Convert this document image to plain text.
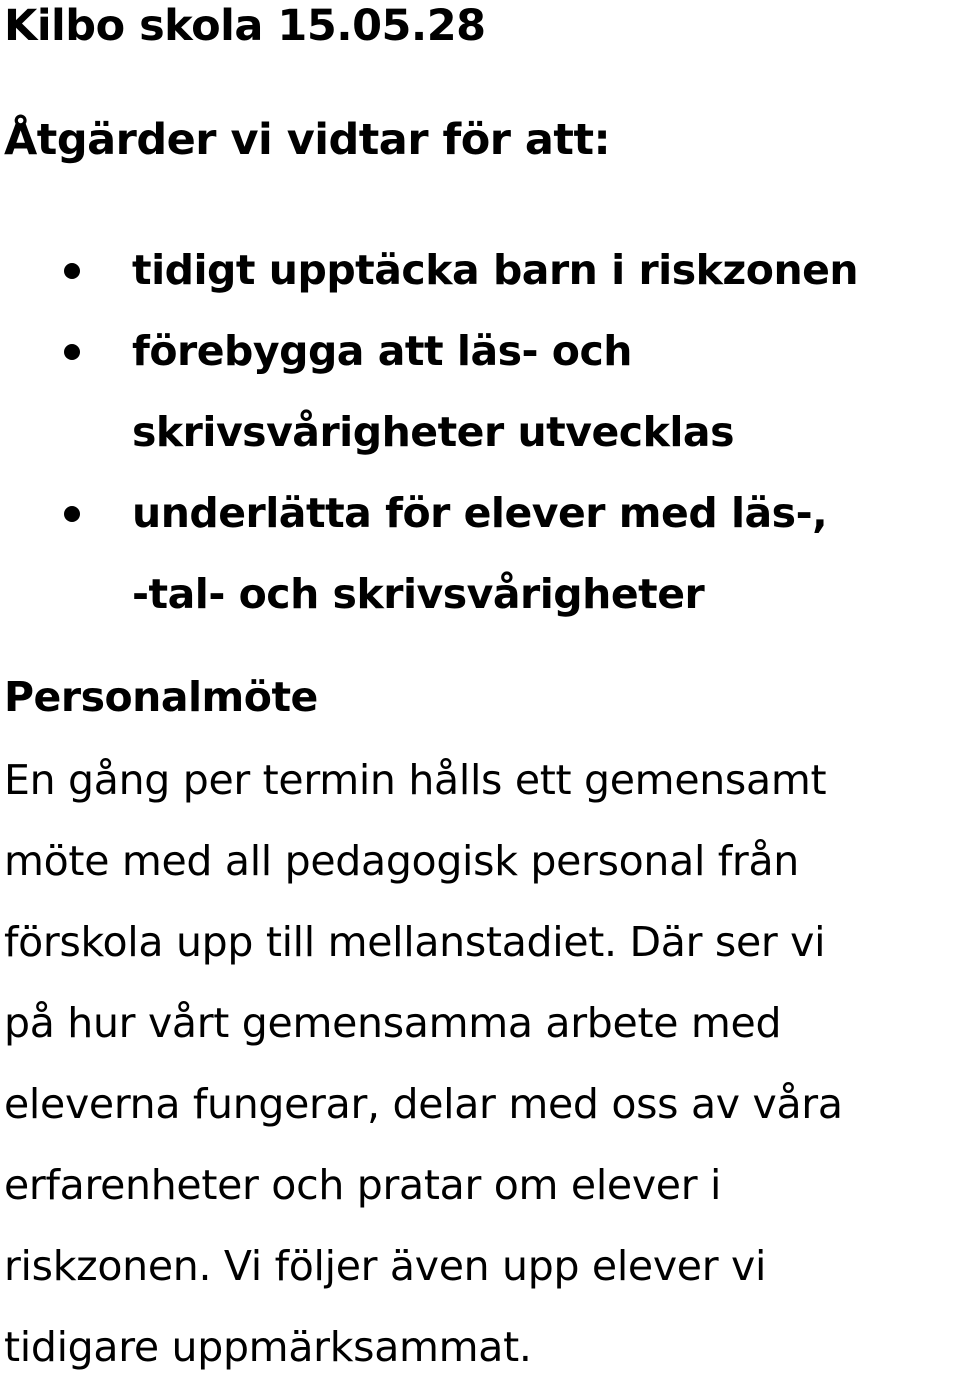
Kilbo skola 15.05.28
Åtgärder vi vidtar för att:
tidigt upptäcka barn i riskzonen
förebygga att läs- och
skrivsvårigheter utvecklas
underlätta för elever med läs-,
-tal- och skrivsvårigheter
Personalmöte

En gång per termin hålls ett gemensamt
möte med all pedagogisk personal från
förskola upp till mellanstadiet. Där ser vi
på hur vårt gemensamma arbete med
eleverna fungerar, delar med oss av våra
erfarenheter och pratar om elever i
riskzonen. Vi följer även upp elever vi
tidigare uppmärksammat.
